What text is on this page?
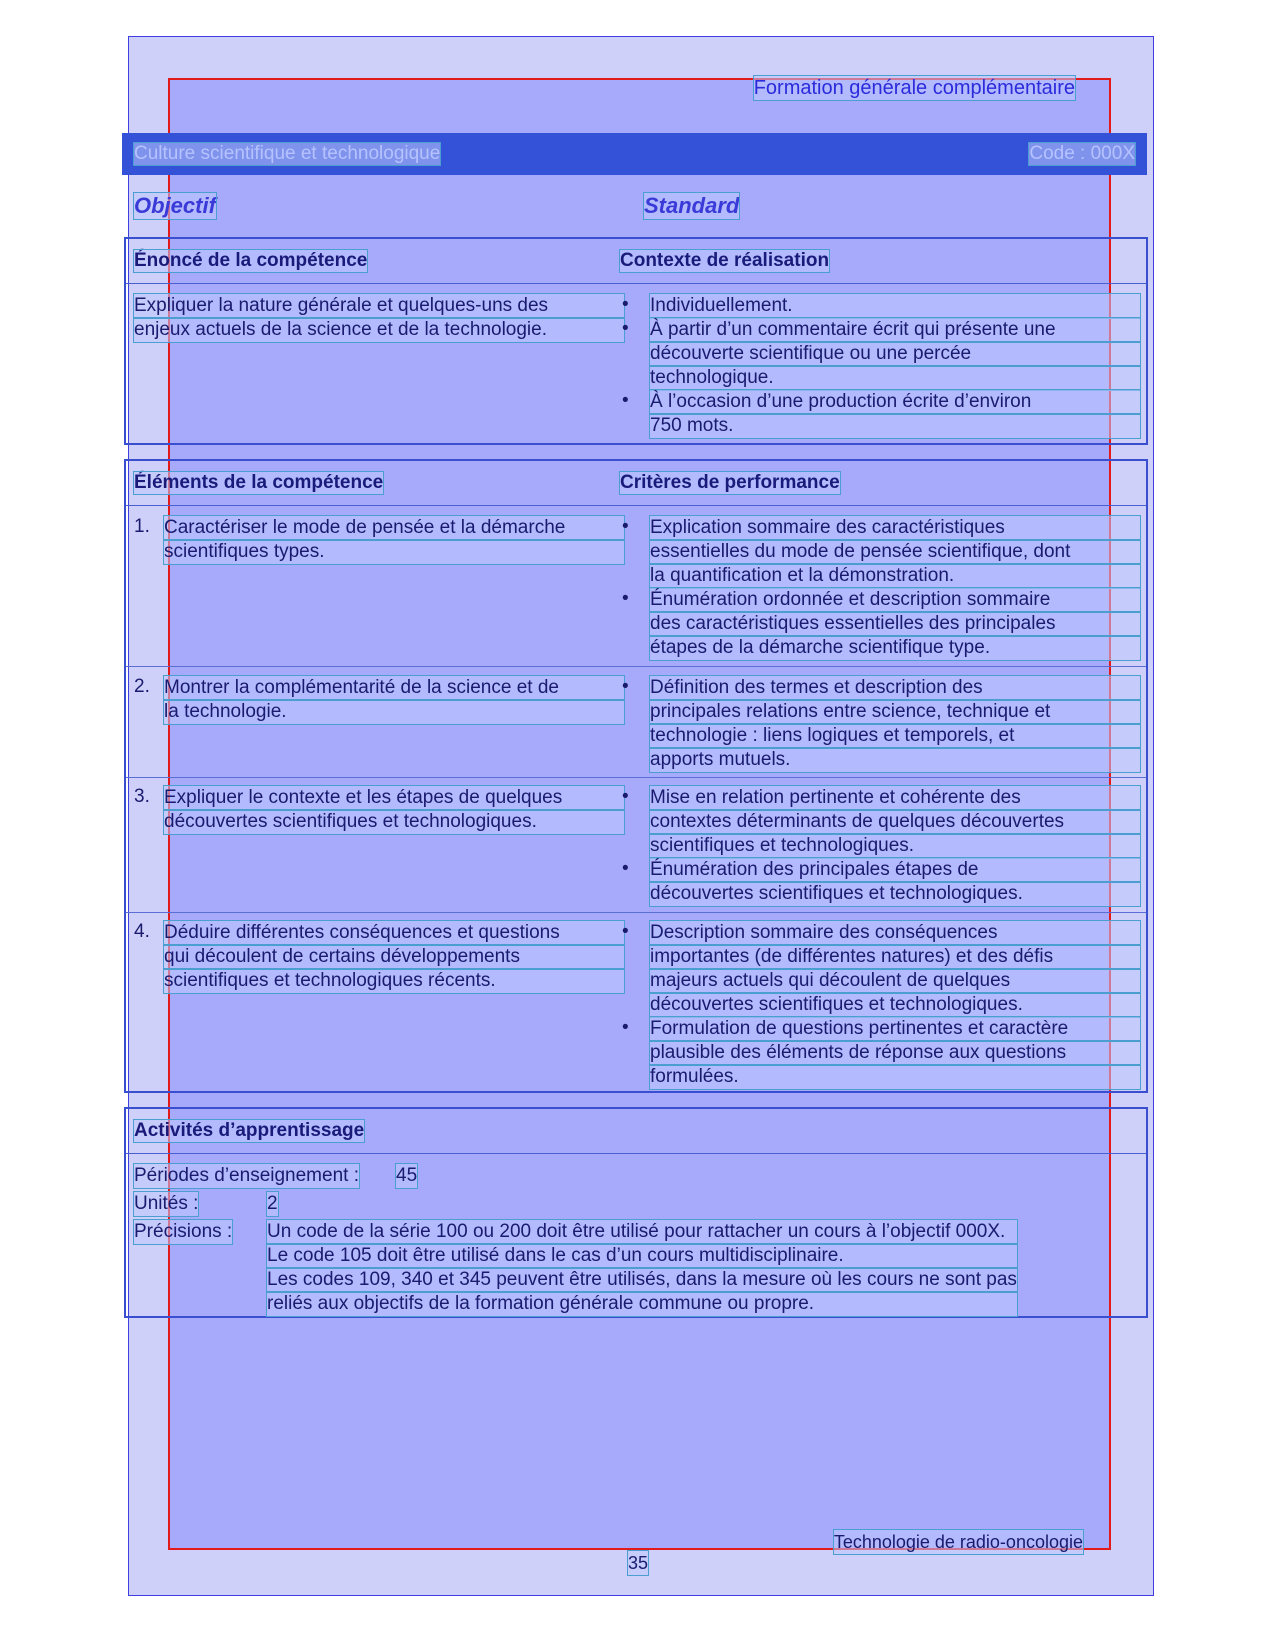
Formation générale complémentaire
Culture scientifique et technologique	Code : 000X
Objectif	Standard
Énoncé de la compétence	Contexte de réalisation
Expliquer la nature générale et quelques-uns des
enjeux actuels de la science et de la technologie.
• Individuellement.
• À partir d’un commentaire écrit qui présente une
découverte scientifique ou une percée
technologique.
• À l’occasion d’une production écrite d’environ
750 mots.
Éléments de la compétence	Critères de performance
1. Caractériser le mode de pensée et la démarche
scientifiques types.
• Explication sommaire des caractéristiques
essentielles du mode de pensée scientifique, dont
la quantification et la démonstration.
• Énumération ordonnée et description sommaire
des caractéristiques essentielles des principales
étapes de la démarche scientifique type.
2. Montrer la complémentarité de la science et de
la technologie.
• Définition des termes et description des
principales relations entre science, technique et
technologie : liens logiques et temporels, et
apports mutuels.
3. Expliquer le contexte et les étapes de quelques
découvertes scientifiques et technologiques.
• Mise en relation pertinente et cohérente des
contextes déterminants de quelques découvertes
scientifiques et technologiques.
• Énumération des principales étapes de
découvertes scientifiques et technologiques.
4. Déduire différentes conséquences et questions
qui découlent de certains développements
scientifiques et technologiques récents.
• Description sommaire des conséquences
importantes (de différentes natures) et des défis
majeurs actuels qui découlent de quelques
découvertes scientifiques et technologiques.
• Formulation de questions pertinentes et caractère
plausible des éléments de réponse aux questions
formulées.
Activités d’apprentissage
Périodes d’enseignement : 45
Unités :	2
Précisions : Un code de la série 100 ou 200 doit être utilisé pour rattacher un cours à l’objectif 000X.
Le code 105 doit être utilisé dans le cas d’un cours multidisciplinaire.
Les codes 109, 340 et 345 peuvent être utilisés, dans la mesure où les cours ne sont pas
reliés aux objectifs de la formation générale commune ou propre.
Technologie de radio-oncologie
35
